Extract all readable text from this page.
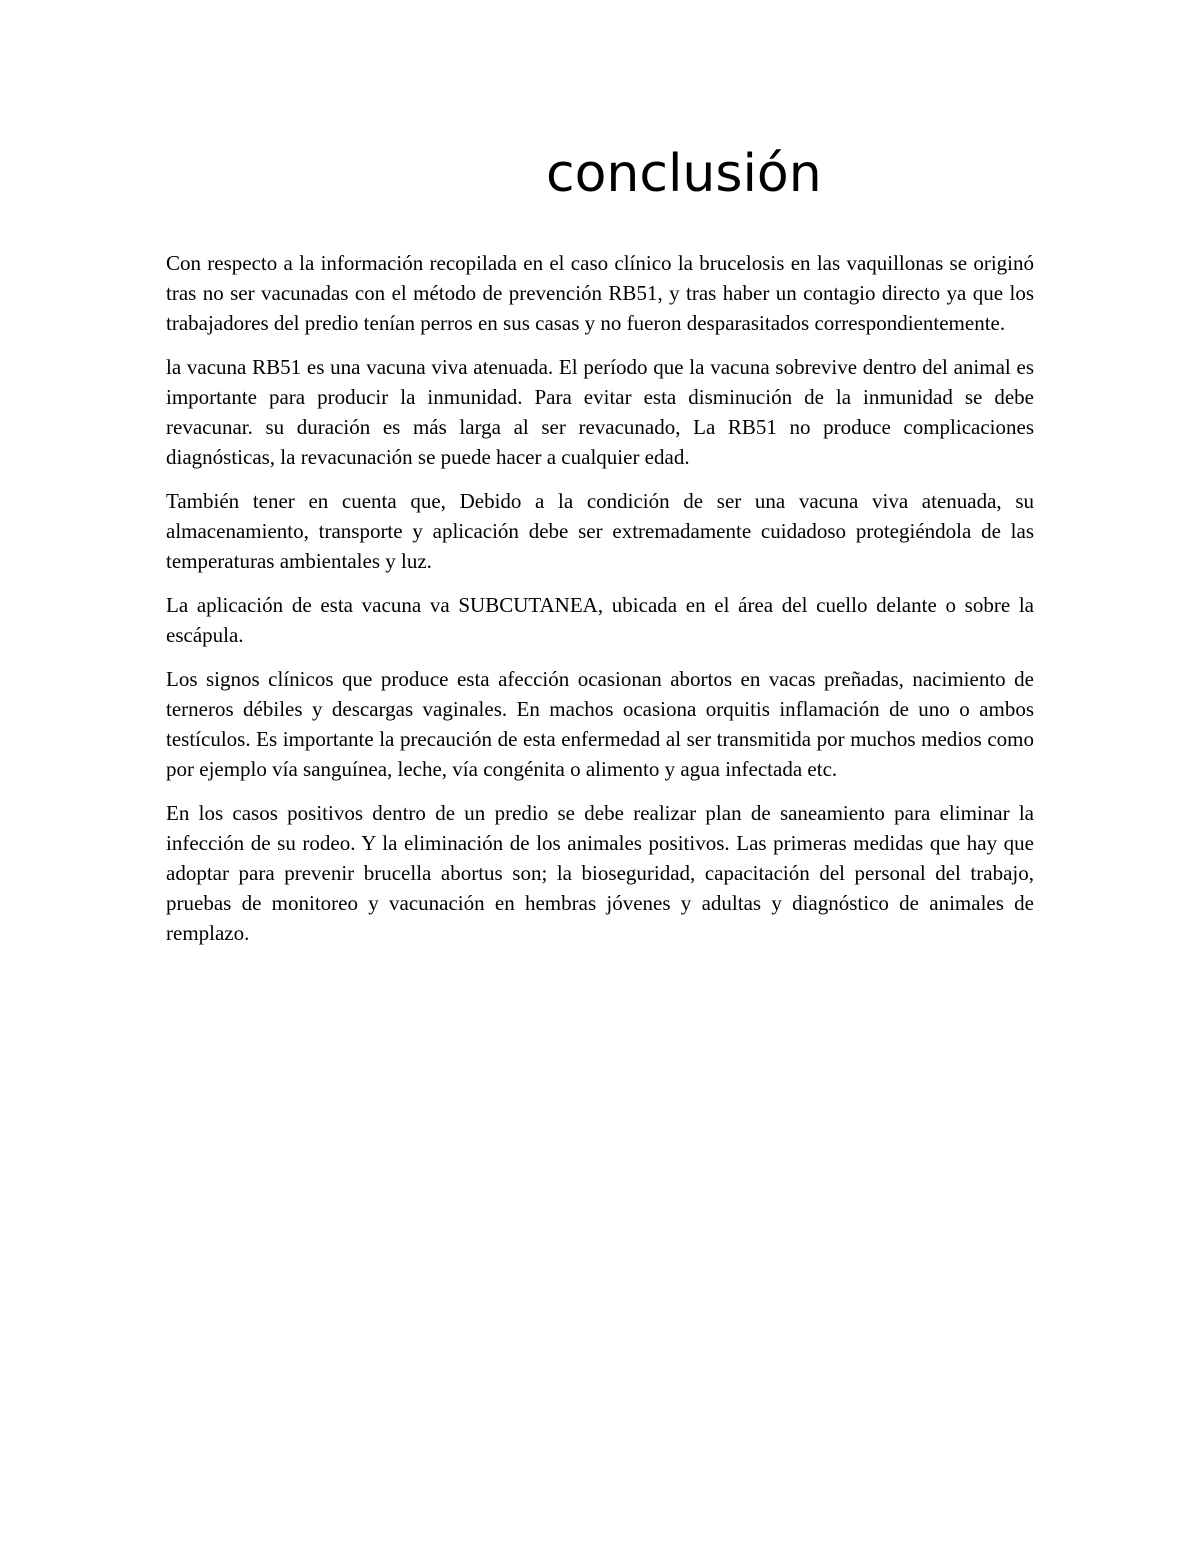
conclusión

Con respecto a la información recopilada en el caso clínico la brucelosis en las vaquillonas se originó tras no ser vacunadas con el método de prevención RB51, y tras haber un contagio directo ya que los trabajadores del predio tenían perros en sus casas y no fueron desparasitados correspondientemente.

la vacuna RB51 es una vacuna viva atenuada. El período que la vacuna sobrevive dentro del animal es importante para producir la inmunidad. Para evitar esta disminución de la inmunidad se debe revacunar. su duración es más larga al ser revacunado, La RB51 no produce complicaciones diagnósticas, la revacunación se puede hacer a cualquier edad.

También tener en cuenta que, Debido a la condición de ser una vacuna viva atenuada, su almacenamiento, transporte y aplicación debe ser extremadamente cuidadoso protegiéndola de las temperaturas ambientales y luz.

La aplicación de esta vacuna va SUBCUTANEA, ubicada en el área del cuello delante o sobre la escápula.

Los signos clínicos que produce esta afección ocasionan abortos en vacas preñadas, nacimiento de terneros débiles y descargas vaginales. En machos ocasiona orquitis inflamación de uno o ambos testículos. Es importante la precaución de esta enfermedad al ser transmitida por muchos medios como por ejemplo vía sanguínea, leche, vía congénita o alimento y agua infectada etc.

En los casos positivos dentro de un predio se debe realizar plan de saneamiento para eliminar la infección de su rodeo. Y la eliminación de los animales positivos. Las primeras medidas que hay que adoptar para prevenir brucella abortus son; la bioseguridad, capacitación del personal del trabajo, pruebas de monitoreo y vacunación en hembras jóvenes y adultas y diagnóstico de animales de remplazo.
